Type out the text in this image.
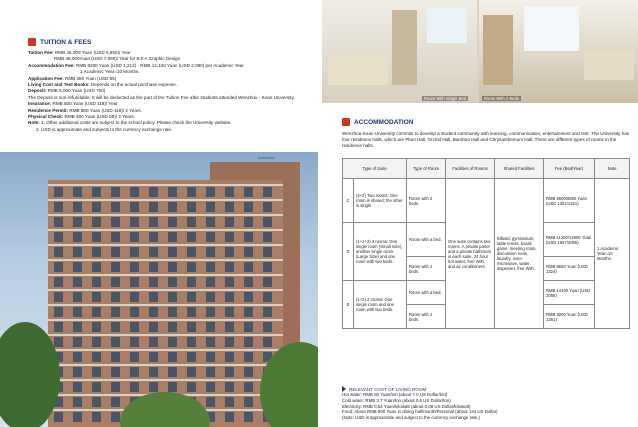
TUITION & FEES
Tuition Fee: RMB 45,000 Yuan (USD 6,650)/ Year
RMB 48,000Yuan (USD 7,090)/ Year for B.F.A Graphic Design
Accommodation Fee: RMB 8200 Yuan (USD 1,212) - RMB 14,100 Yuan (USD 2,080) per Academic Year
1 Academic Year=10 Months.
Application Fee: RMB 450 Yuan (USD 65)
Living Cost and Text Books: Depends on the actual purchase expense.
Deposit: RMB 5,000 Yuan (USD 750)
The Deposit is non-refundable. It will be deducted as the part of the Tuition Fee after students attended Wenzhou - Kean University.
Insurance: RMB 800 Yuan (USD 118)/ Year
Residence Permit: RMB 800 Yuan (USD 118)/ 2 Years.
Physical Check: RMB 400 Yuan (USD 59)/ 2 Years.
Note: 1. Other additional costs are subject to the school policy. Please check the University website.
2. USD is approximate and subjects to the currency exchange rate.
Dormitory
Room With Single Bed	Room With 2 Beds
ACCOMMODATION
Wenzhou-Kean University commits to develop a student community with learning, communication, entertainment and rest. The University has four residence halls, which are Plum Hall, Orchid Hall, Bamboo Hall and Chrysanthemum Hall. There are different types of rooms in the residence halls.
Type of Suite		Type of Room	Facilities of Rooms	Shared Facilities	Fee (Bed/Year)	Note
C	(2+2) Two rooms: One room is shared; the other is single	Room with 2 beds.	One suite contains two rooms. A private parlor and a private bathroom in each suite, 24 hour hot water, free WiFi, and air conditioners.	Billiard, gymnasium, table tennis, board game, meeting room, discussion room, laundry, oven microwave, water dispenser, free WiFi.	RMB 8600/8850 Yuan (USD 1301/1321)	1 Academic Year=10 Months.
D	(1+1+2) 3 rooms: One single room (Small Size), another single room (Large Size) and one room with two beds.	Room with a bed.			RMB 11200/13900 Yuan (USD 1657/2056)	
		Room with 2 beds.			RMB 8650 Yuan (USD 1324)	
E	(1+2) 2 rooms: One single room and one room with two beds.	Room with a bed.			RMB 14100 Yuan (USD 2086)	
		Room with 2 beds.			RMB 8200 Yuan (USD 1361)	
RELEVANT COST OF LIVING ROOM
Hot water: RMB 50 Yuan/ton (about 7.0 US Dollar/ton)
Cold water: RMB 3.7 Yuan/ton (about 0.6 US Dollar/ton)
Electricity: RMB 0.54 Yuan/kilowatt (about 0.08 US Dollar/kilowatt)
Food: About RMB 900 Yuan in dining hall/month/Personal (about 134 US Dollar)
(Note: USD is approximate and subject to the currency exchange rate.)
